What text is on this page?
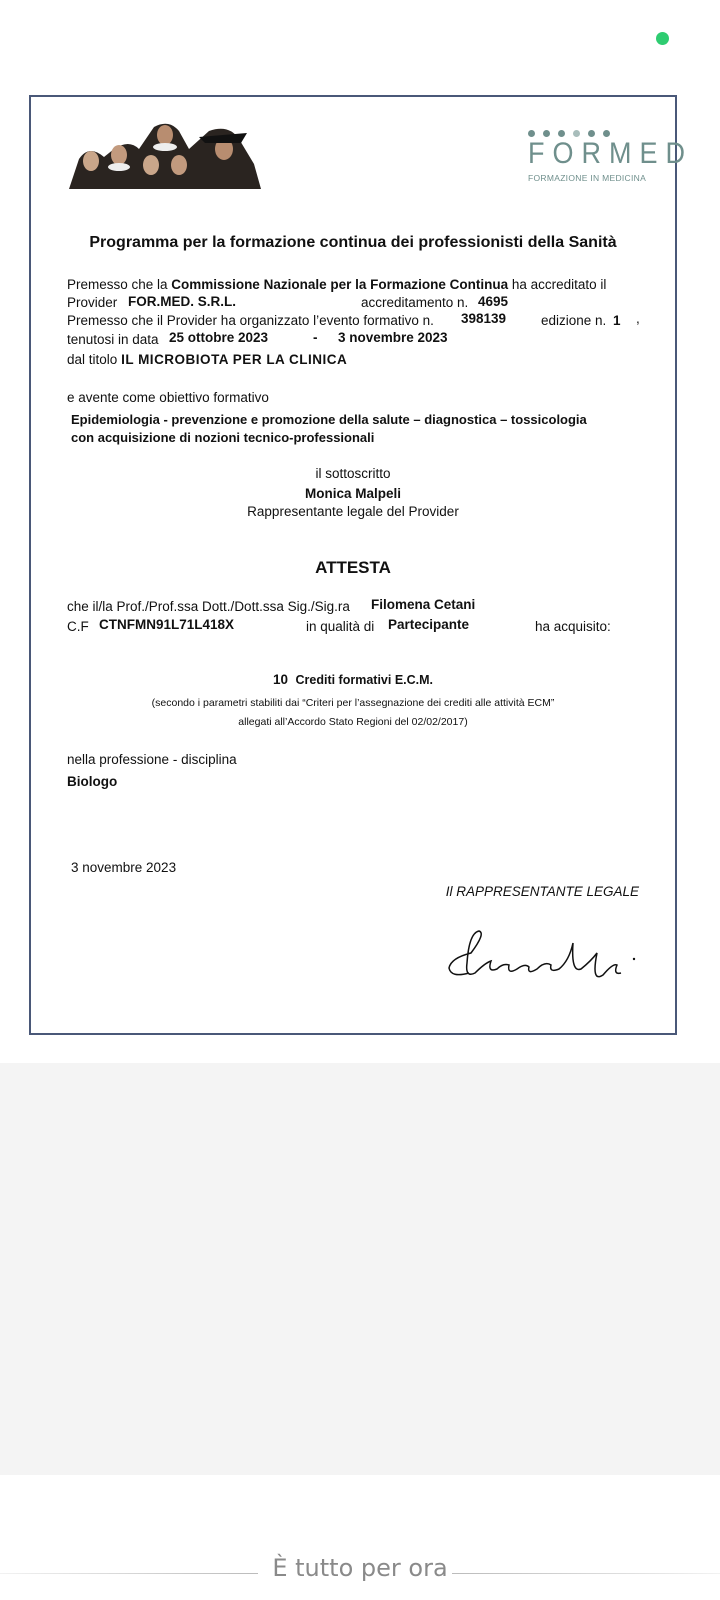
FORMED
FORMAZIONE IN MEDICINA
Programma per la formazione continua dei professionisti della Sanità
Premesso che la Commissione Nazionale per la Formazione Continua ha accreditato il
Provider FOR.MED. S.R.L.	accreditamento n. 4695
Premesso che il Provider ha organizzato l’evento formativo n. 398139	edizione n. 1 ,
tenutosi in data 25 ottobre 2023	- 3 novembre 2023
dal titolo IL MICROBIOTA PER LA CLINICA
e avente come obiettivo formativo
Epidemiologia - prevenzione e promozione della salute – diagnostica – tossicologia
con acquisizione di nozioni tecnico-professionali
il sottoscritto
Monica Malpeli
Rappresentante legale del Provider
ATTESTA
che il/la Prof./Prof.ssa Dott./Dott.ssa Sig./Sig.ra Filomena Cetani
C.F CTNFMN91L71L418X	in qualità di Partecipante	ha acquisito:
10 Crediti formativi E.C.M.
(secondo i parametri stabiliti dai “Criteri per l’assegnazione dei crediti alle attività ECM”
allegati all’Accordo Stato Regioni del 02/02/2017)
nella professione - disciplina
Biologo
3 novembre 2023
Il RAPPRESENTANTE LEGALE
È tutto per ora
